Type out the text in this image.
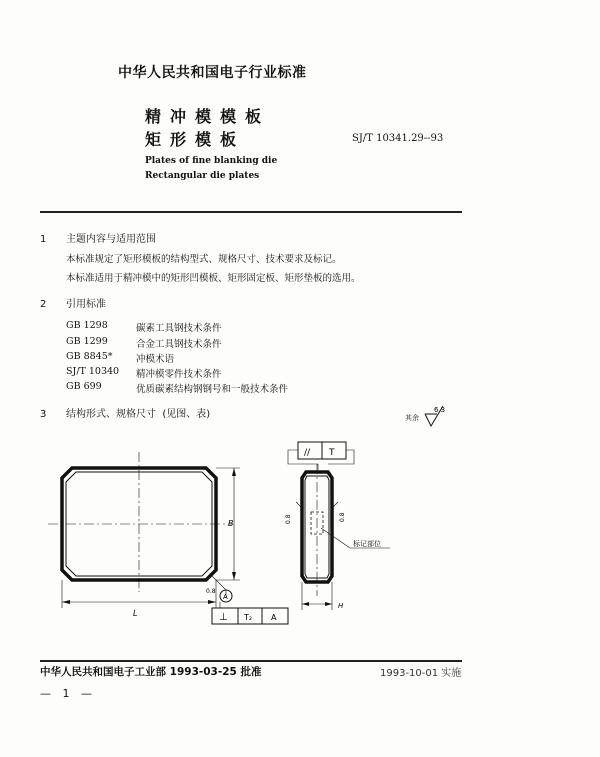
中华人民共和国电子行业标准
精冲模模板
矩形模板	SJ/T 10341.29--93
Plates of fine blanking die
Rectangular die plates
1 主题内容与适用范围
本标准规定了矩形模板的结构型式、规格尺寸、技术要求及标记。
本标准适用于精冲模中的矩形凹模板、矩形固定板、矩形垫板的选用。
2 引用标准
GB 1298	碳素工具钢技术条件
GB 1299	合金工具钢技术条件
GB 8845* 冲模术语
SJ/T 10340 精冲模零件技术条件
GB 699	优质碳素结构钢钢号和一般技术条件
3 结构形式、规格尺寸 (见图、表)	其余
6.3
L
B
0.8
A
⊥ T₂ A
// T
0.8	0.8
标记部位
H
中华人民共和国电子工业部 1993-03-25 批准	1993-10-01 实施
— 1 —
